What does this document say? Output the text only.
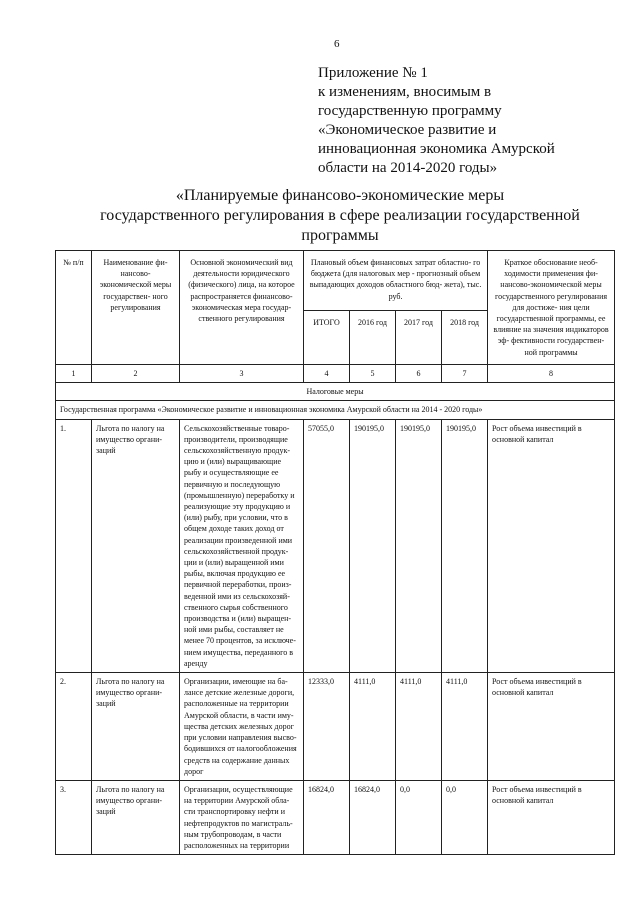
6
Приложение № 1
к изменениям, вносимым в
государственную программу
«Экономическое развитие и
инновационная экономика Амурской
области на 2014-2020 годы»
«Планируемые финансово-экономические меры
государственного регулирования в сфере реализации государственной
программы
№ п/п	Наименование фи- нансово- экономической меры государствен- ного регулирования	Основной экономический вид деятельности юридического (физического) лица, на которое распространяется финансово- экономическая мера государ- ственного регулирования	Плановый объем финансовых затрат областно- го бюджета (для налоговых мер - прогнозный объем выпадающих доходов областного бюд- жета), тыс. руб.				Краткое обоснование необ- ходимости применения фи- нансово-экономической меры государственного регулирования для достиже- ния цели государственной программы, ее влияние на значения индикаторов эф- фективности государствен- ной программы
			ИТОГО	2016 год	2017 год	2018 год	
1	2	3	4	5	6	7	8
Налоговые меры							
Государственная программа «Экономическое развитие и инновационная экономика Амурской области на 2014 - 2020 годы»							
1.	Льгота по налогу на имущество органи- заций	Сельскохозяйственные товаро- производители, производящие сельскохозяйственную продук- цию и (или) выращивающие рыбу и осуществляющие ее первичную и последующую (промышленную) переработку и реализующие эту продукцию и (или) рыбу, при условии, что в общем доходе таких доход от реализации произведенной ими сельскохозяйственной продук- ции и (или) выращенной ими рыбы, включая продукцию ее первичной переработки, произ- веденной ими из сельскохозяй- ственного сырья собственного производства и (или) выращен- ной ими рыбы, составляет не менее 70 процентов, за исключе- нием имущества, переданного в аренду	57055,0	190195,0	190195,0	190195,0	Рост объема инвестиций в основной капитал
2.	Льгота по налогу на имущество органи- заций	Организации, имеющие на ба- лансе детские железные дороги, расположенные на территории Амурской области, в части иму- щества детских железных дорог при условии направления высво- бодившихся от налогообложения средств на содержание данных дорог	12333,0	4111,0	4111,0	4111,0	Рост объема инвестиций в основной капитал
3.	Льгота по налогу на имущество органи- заций	Организации, осуществляющие на территории Амурской обла- сти транспортировку нефти и нефтепродуктов по магистраль- ным трубопроводам, в части расположенных на территории	16824,0	16824,0	0,0	0,0	Рост объема инвестиций в основной капитал
